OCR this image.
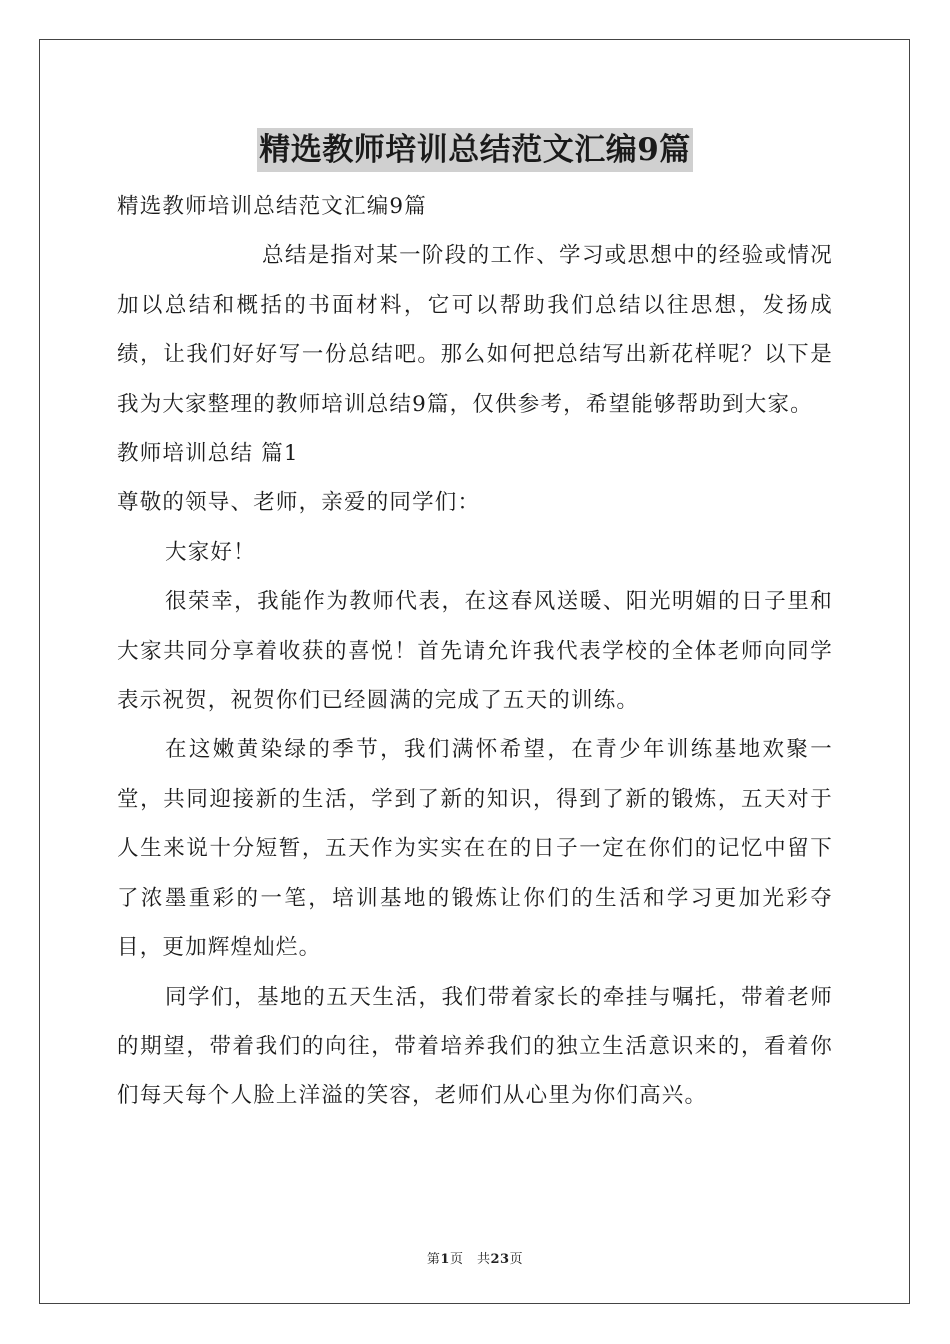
精选教师培训总结范文汇编9篇

精选教师培训总结范文汇编9篇

总结是指对某一阶段的工作、学习或思想中的经验或情况加以总结和概括的书面材料，它可以帮助我们总结以往思想，发扬成绩，让我们好好写一份总结吧。那么如何把总结写出新花样呢？以下是我为大家整理的教师培训总结9篇，仅供参考，希望能够帮助到大家。

教师培训总结 篇1

尊敬的领导、老师，亲爱的同学们：

大家好！

很荣幸，我能作为教师代表，在这春风送暖、阳光明媚的日子里和大家共同分享着收获的喜悦！首先请允许我代表学校的全体老师向同学表示祝贺，祝贺你们已经圆满的完成了五天的训练。

在这嫩黄染绿的季节，我们满怀希望，在青少年训练基地欢聚一堂，共同迎接新的生活，学到了新的知识，得到了新的锻炼，五天对于人生来说十分短暂，五天作为实实在在的日子一定在你们的记忆中留下了浓墨重彩的一笔，培训基地的锻炼让你们的生活和学习更加光彩夺目，更加辉煌灿烂。

同学们，基地的五天生活，我们带着家长的牵挂与嘱托，带着老师的期望，带着我们的向往，带着培养我们的独立生活意识来的，看着你们每天每个人脸上洋溢的笑容，老师们从心里为你们高兴。

第1页　共23页
